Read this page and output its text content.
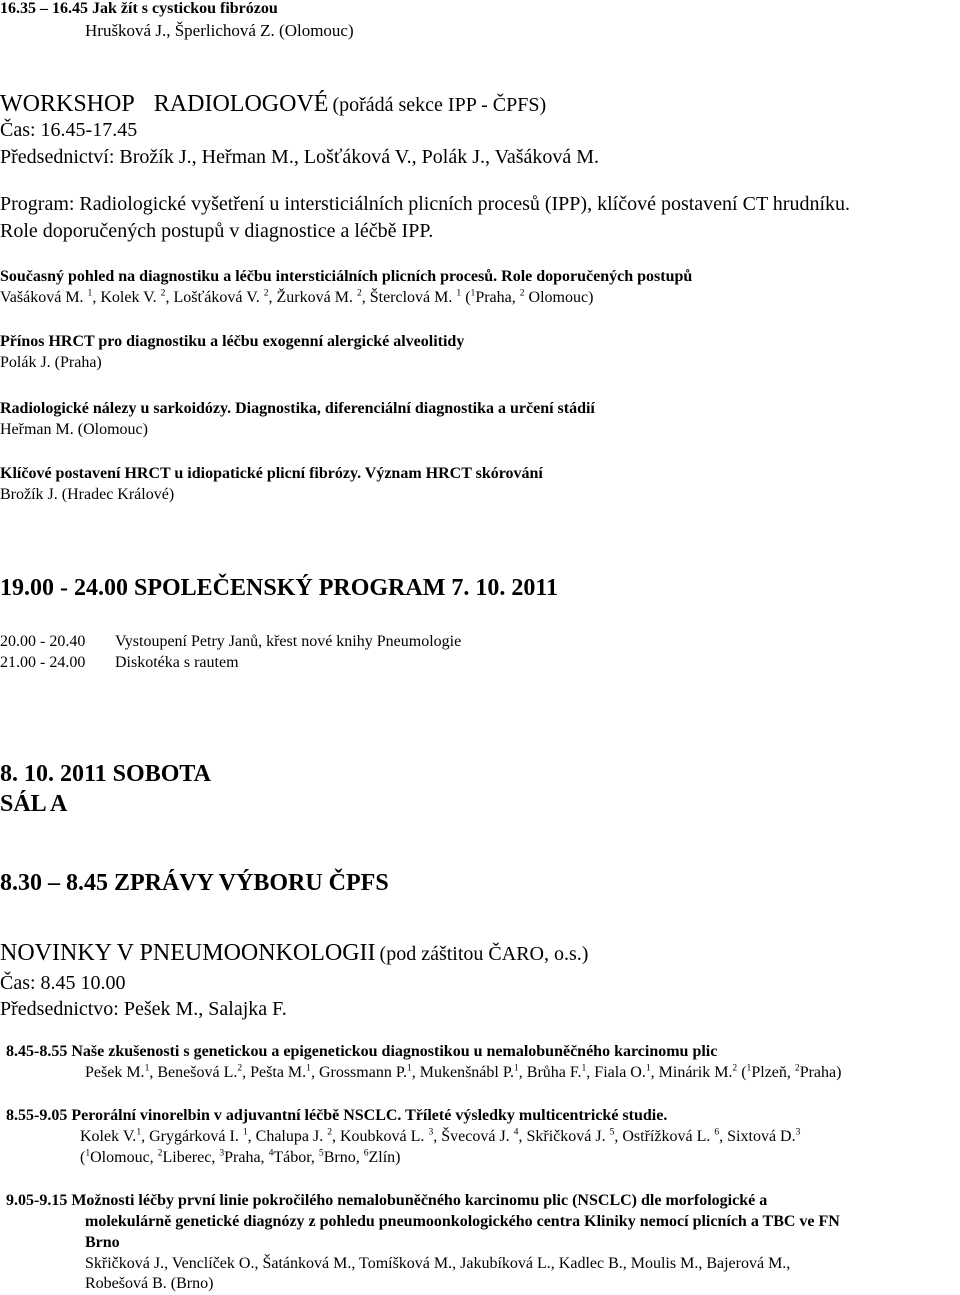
16.35 – 16.45 Jak žít s cystickou fibrózou
Hrušková J., Šperlichová Z. (Olomouc)
WORKSHOP RADIOLOGOVÉ (pořádá sekce IPP - ČPFS)
Čas: 16.45-17.45
Předsednictví: Brožík J., Heřman M., Lošťáková V., Polák J., Vašáková M.
Program: Radiologické vyšetření u intersticiálních plicních procesů (IPP), klíčové postavení CT hrudníku.
Role doporučených postupů v diagnostice a léčbě IPP.
Současný pohled na diagnostiku a léčbu intersticiálních plicních procesů. Role doporučených postupů
Vašáková M. $^1$, Kolek V. $^2$, Lošťáková V. $^2$, Žurková M. $^2$, Šterclová M. $^1$ ($^1$Praha, $^2$ Olomouc)
Přínos HRCT pro diagnostiku a léčbu exogenní alergické alveolitidy
Polák J. (Praha)
Radiologické nálezy u sarkoidózy. Diagnostika, diferenciální diagnostika a určení stádií
Heřman M. (Olomouc)
Klíčové postavení HRCT u idiopatické plicní fibrózy. Význam HRCT skórování
Brožík J. (Hradec Králové)
19.00 - 24.00 SPOLEČENSKÝ PROGRAM 7. 10. 2011
20.00 - 20.40 Vystoupení Petry Janů, křest nové knihy Pneumologie
21.00 - 24.00 Diskotéka s rautem
8. 10. 2011 SOBOTA
SÁL A
8.30 – 8.45 ZPRÁVY VÝBORU ČPFS
NOVINKY V PNEUMOONKOLOGII (pod záštitou ČARO, o.s.)
Čas: 8.45 10.00
Předsednictvo: Pešek M., Salajka F.
8.45-8.55 Naše zkušenosti s genetickou a epigenetickou diagnostikou u nemalobuněčného karcinomu plic
Pešek M.$^1$, Benešová L.$^2$, Pešta M.$^1$, Grossmann P.$^1$, Mukenšnábl P.$^1$, Brůha F.$^1$, Fiala O.$^1$, Minárik M.$^2$ ($^1$Plzeň, $^2$Praha)
8.55-9.05 Perorální vinorelbin v adjuvantní léčbě NSCLC. Tříleté výsledky multicentrické studie.
Kolek V.$^1$, Grygárková I. $^1$, Chalupa J. $^2$, Koubková L. $^3$, Švecová J. $^4$, Skřičková J. $^5$, Ostřížková L. $^6$, Sixtová D.$^3$
($^1$Olomouc, $^2$Liberec, $^3$Praha, $^4$Tábor, $^5$Brno, $^6$Zlín)
9.05-9.15 Možnosti léčby první linie pokročilého nemalobuněčného karcinomu plic (NSCLC) dle morfologické a
molekulárně genetické diagnózy z pohledu pneumoonkologického centra Kliniky nemocí plicních a TBC ve FN
Brno
Skřičková J., Venclíček O., Šatánková M., Tomíšková M., Jakubíková L., Kadlec B., Moulis M., Bajerová M.,
Robešová B. (Brno)
